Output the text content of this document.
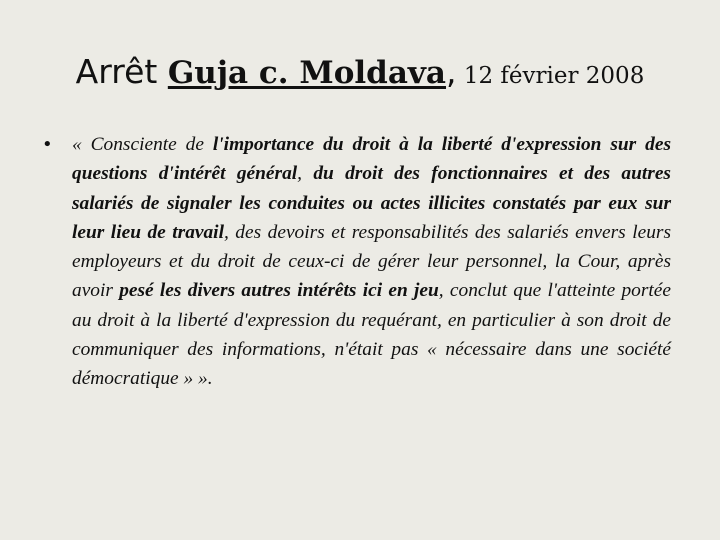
Arrêt Guja c. Moldava, 12 février 2008
• « Consciente de l'importance du droit à la liberté d'expression sur des questions d'intérêt général, du droit des fonctionnaires et des autres salariés de signaler les conduites ou actes illicites constatés par eux sur leur lieu de travail, des devoirs et responsabilités des salariés envers leurs employeurs et du droit de ceux-ci de gérer leur personnel, la Cour, après avoir pesé les divers autres intérêts ici en jeu, conclut que l'atteinte portée au droit à la liberté d'expression du requérant, en particulier à son droit de communiquer des informations, n'était pas « nécessaire dans une société démocratique » ».
